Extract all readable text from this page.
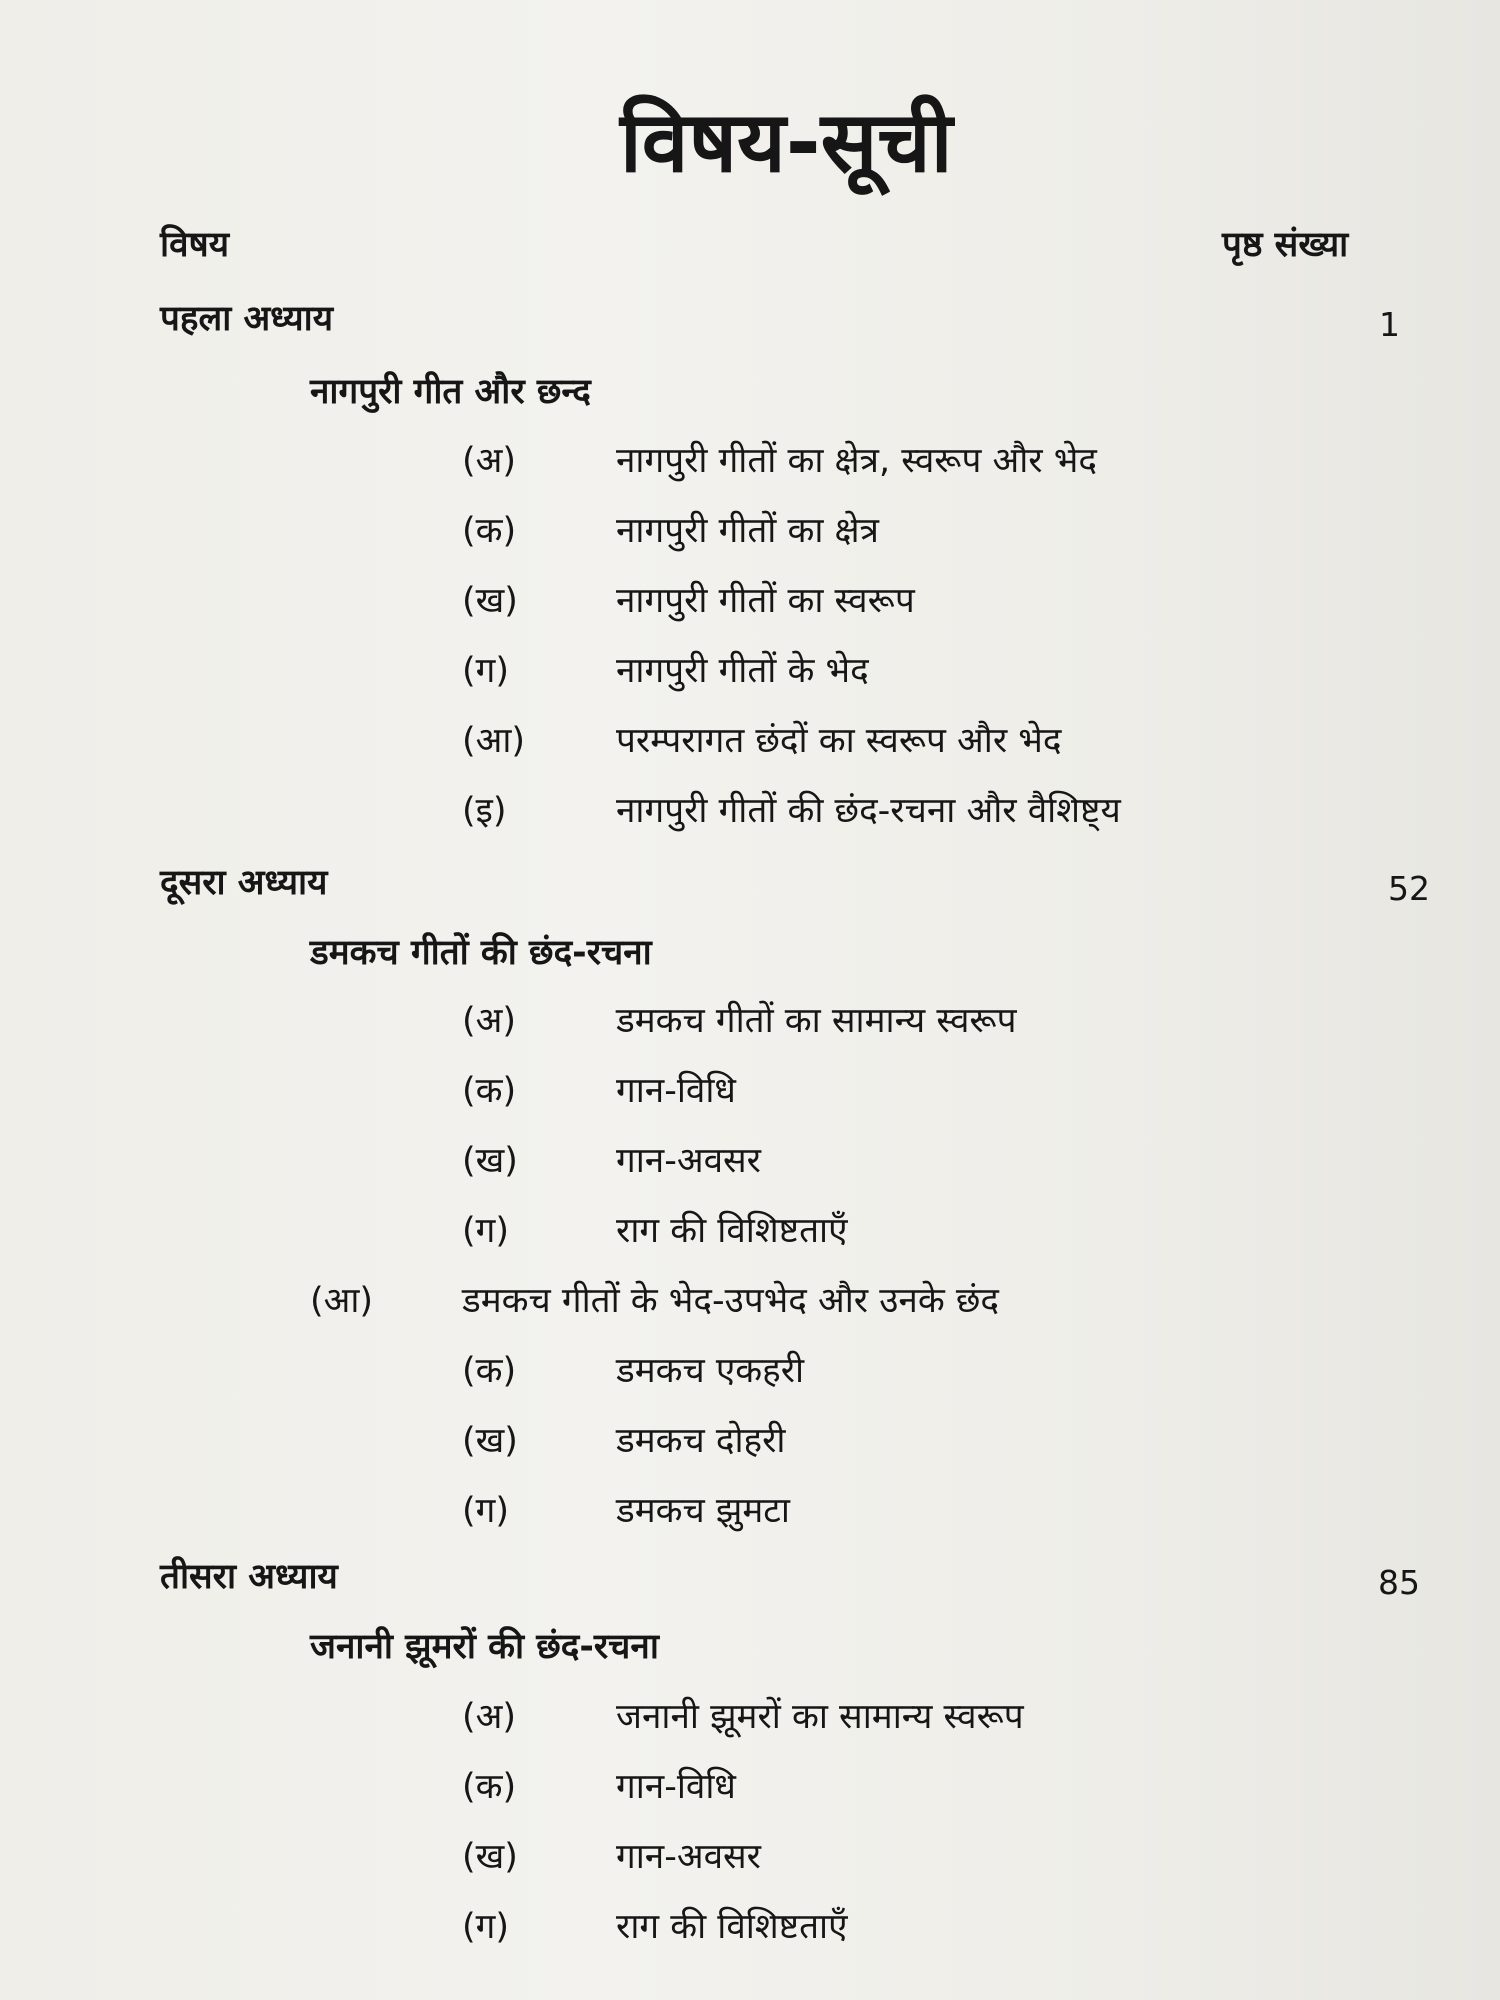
विषय-सूची
विषय	पृष्ठ संख्या
पहला अध्याय	1
नागपुरी गीत और छन्द
(अ)	नागपुरी गीतों का क्षेत्र, स्वरूप और भेद
(क)	नागपुरी गीतों का क्षेत्र
(ख)	नागपुरी गीतों का स्वरूप
(ग)	नागपुरी गीतों के भेद
(आ)	परम्परागत छंदों का स्वरूप और भेद
(इ)	नागपुरी गीतों की छंद-रचना और वैशिष्ट्य
दूसरा अध्याय	52
डमकच गीतों की छंद-रचना
(अ)	डमकच गीतों का सामान्य स्वरूप
(क)	गान-विधि
(ख)	गान-अवसर
(ग)	राग की विशिष्टताएँ
(आ)	डमकच गीतों के भेद-उपभेद और उनके छंद
(क)	डमकच एकहरी
(ख)	डमकच दोहरी
(ग)	डमकच झुमटा
तीसरा अध्याय	85
जनानी झूमरों की छंद-रचना
(अ)	जनानी झूमरों का सामान्य स्वरूप
(क)	गान-विधि
(ख)	गान-अवसर
(ग)	राग की विशिष्टताएँ
